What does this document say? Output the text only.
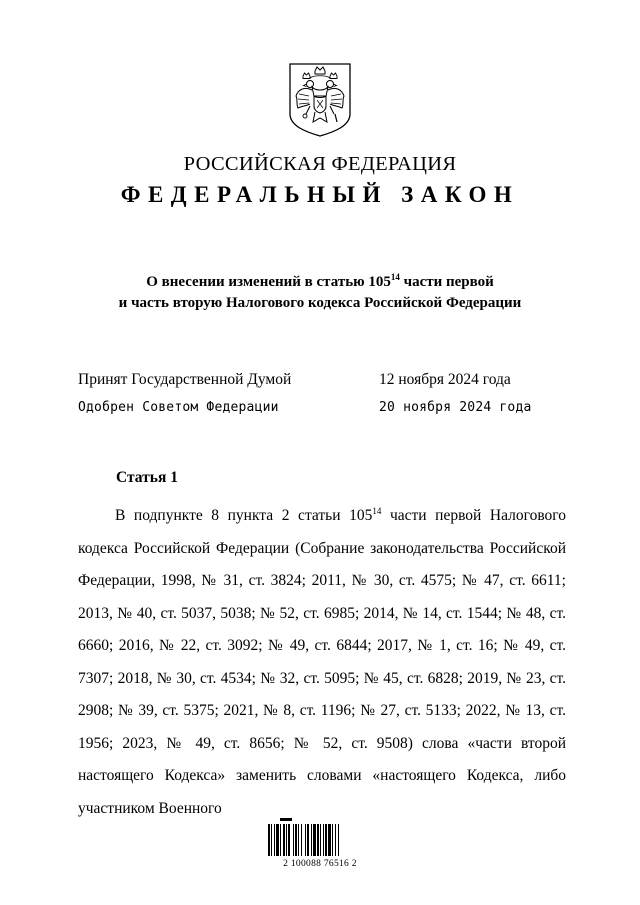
РОССИЙСКАЯ ФЕДЕРАЦИЯ
ФЕДЕРАЛЬНЫЙ ЗАКОН
О внесении изменений в статью $105^{14}$ части первой
и часть вторую Налогового кодекса Российской Федерации
Принят Государственной Думой	12 ноября 2024 года
Одобрен Советом Федерации	20 ноября 2024 года
Статья 1

В подпункте 8 пункта 2 статьи $105^{14}$ части первой Налогового кодекса Российской Федерации (Собрание законодательства Российской Федерации, 1998, № 31, ст. 3824; 2011, № 30, ст. 4575; № 47, ст. 6611; 2013, № 40, ст. 5037, 5038; № 52, ст. 6985; 2014, № 14, ст. 1544; № 48, ст. 6660; 2016, № 22, ст. 3092; № 49, ст. 6844; 2017, № 1, ст. 16; № 49, ст. 7307; 2018, № 30, ст. 4534; № 32, ст. 5095; № 45, ст. 6828; 2019, № 23, ст. 2908; № 39, ст. 5375; 2021, № 8, ст. 1196; № 27, ст. 5133; 2022, № 13, ст. 1956; 2023, № 49, ст. 8656; № 52, ст. 9508) слова «части второй настоящего Кодекса» заменить словами «настоящего Кодекса, либо участником Военного

2 100088 76516 2
